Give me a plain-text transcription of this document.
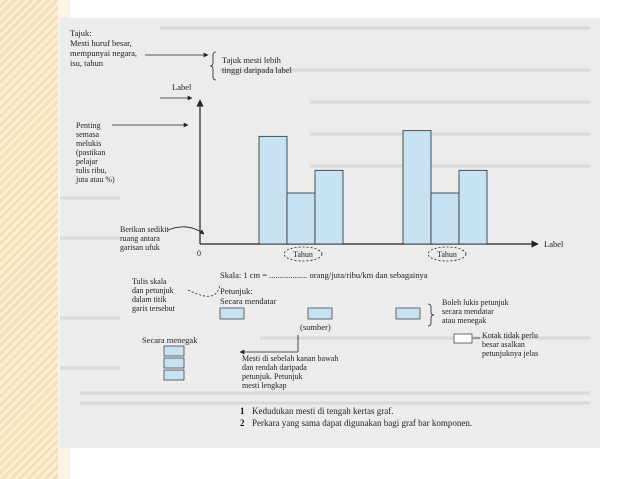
Tajuk:
Mesti huruf besar,
mempunyai negara,
isu, tahun	Tajuk mesti lebih
tinggi daripada label
Label
Penting
semasa
melukis
(pastikan
pelajar
tulis ribu,
juta atau %)
0
Label
Tahun	Tahun
Berikan sedikit
ruang antara
garisan ufuk
Skala: 1 cm = .................. orang/juta/ribu/km dan sebagainya
Tulis skala
dan petunjuk
dalam titik
garis tersebut
Petunjuk:
Secara mendatar
(sumber)
Boleh lukis petunjuk
secara mendatar
atau menegak
Kotak tidak perlu
besar asalkan
petunjuknya jelas
Secara menegak
Mesti di sebelah kanan bawah
dan rendah daripada
petunjuk. Petunjuk
mesti lengkap
1 Kedudukan mesti di tengah kertas graf.
2 Perkara yang sama dapat digunakan bagi graf bar komponen.
